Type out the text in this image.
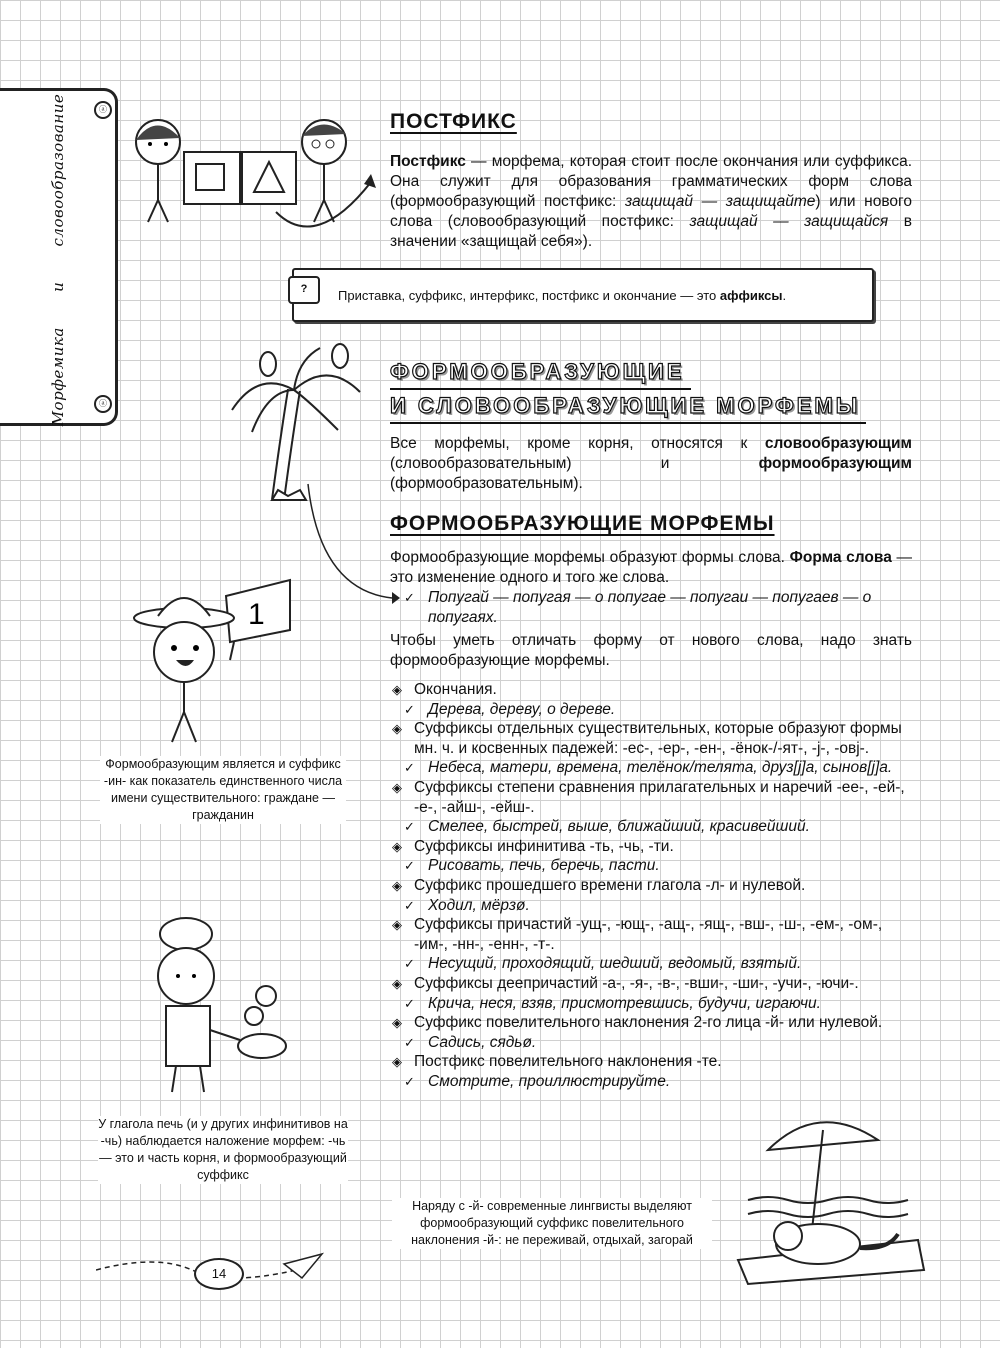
ⓐ
Морфемика и словообразование	ⓐ
ПОСТФИКС

Постфикс — морфема, которая стоит после окончания или суффикса. Она служит для образования грамматических форм слова (формообразующий постфикс: защищай — защищайте) или нового слова (словообразующий постфикс: защищай — защищайся в значении «защищай себя»).

?	Приставка, суффикс, интерфикс, постфикс и окончание — это аффиксы.
ФОРМООБРАЗУЮЩИЕ
И СЛОВООБРАЗУЮЩИЕ МОРФЕМЫ

Все морфемы, кроме корня, относятся к словообразующим (словообразовательным) и формообразующим (формообразовательным).

ФОРМООБРАЗУЮЩИЕ МОРФЕМЫ

Формообразующие морфемы образуют формы слова. Форма слова — это изменение одного и того же слова.

✓ Попугай — попугая — о попугае — попугаи — попугаев — о попугаях.

Чтобы уметь отличать форму от нового слова, надо знать формообразующие морфемы.

◈ Окончания.
✓ Дерева, дереву, о дереве.
◈ Суффиксы отдельных существительных, которые образуют формы мн. ч. и косвенных падежей: -ес-, -ер-, -ен-, -ёнок-/-ят-, -j-, -овj-.
✓ Небеса, матери, времена, телёнок/телята, друз[j]а, сынов[j]а.
◈ Суффиксы степени сравнения прилагательных и наречий -ее-, -ей-, -е-, -айш-, -ейш-.
✓ Смелее, быстрей, выше, ближайший, красивейший.
◈ Суффиксы инфинитива -ть, -чь, -ти.
✓ Рисовать, печь, беречь, пасти.
◈ Суффикс прошедшего времени глагола -л- и нулевой.
✓ Ходил, мёрзø.
◈ Суффиксы причастий -ущ-, -ющ-, -ащ-, -ящ-, -вш-, -ш-, -ем-, -ом-, -им-, -нн-, -енн-, -т-.
✓ Несущий, проходящий, шедший, ведомый, взятый.
◈ Суффиксы деепричастий -а-, -я-, -в-, -вши-, -ши-, -учи-, -ючи-.
✓ Крича, неся, взяв, присмотревшись, будучи, играючи.
◈ Суффикс повелительного наклонения 2-го лица -й- или нулевой.
✓ Садись, сядьø.
◈ Постфикс повелительного наклонения -те.
✓ Смотрите, проиллюстрируйте.
1
Формообразующим является и суффикс -ин- как показатель единственного числа имени существительного: граждане — гражданин
У глагола печь (и у других инфинитивов на -чь) наблюдается наложение морфем: -чь — это и часть корня, и формообразующий суффикс
Наряду с -й- современные лингвисты выделяют формообразующий суффикс повелительного наклонения -й-: не переживай, отдыхай, загорай
14
